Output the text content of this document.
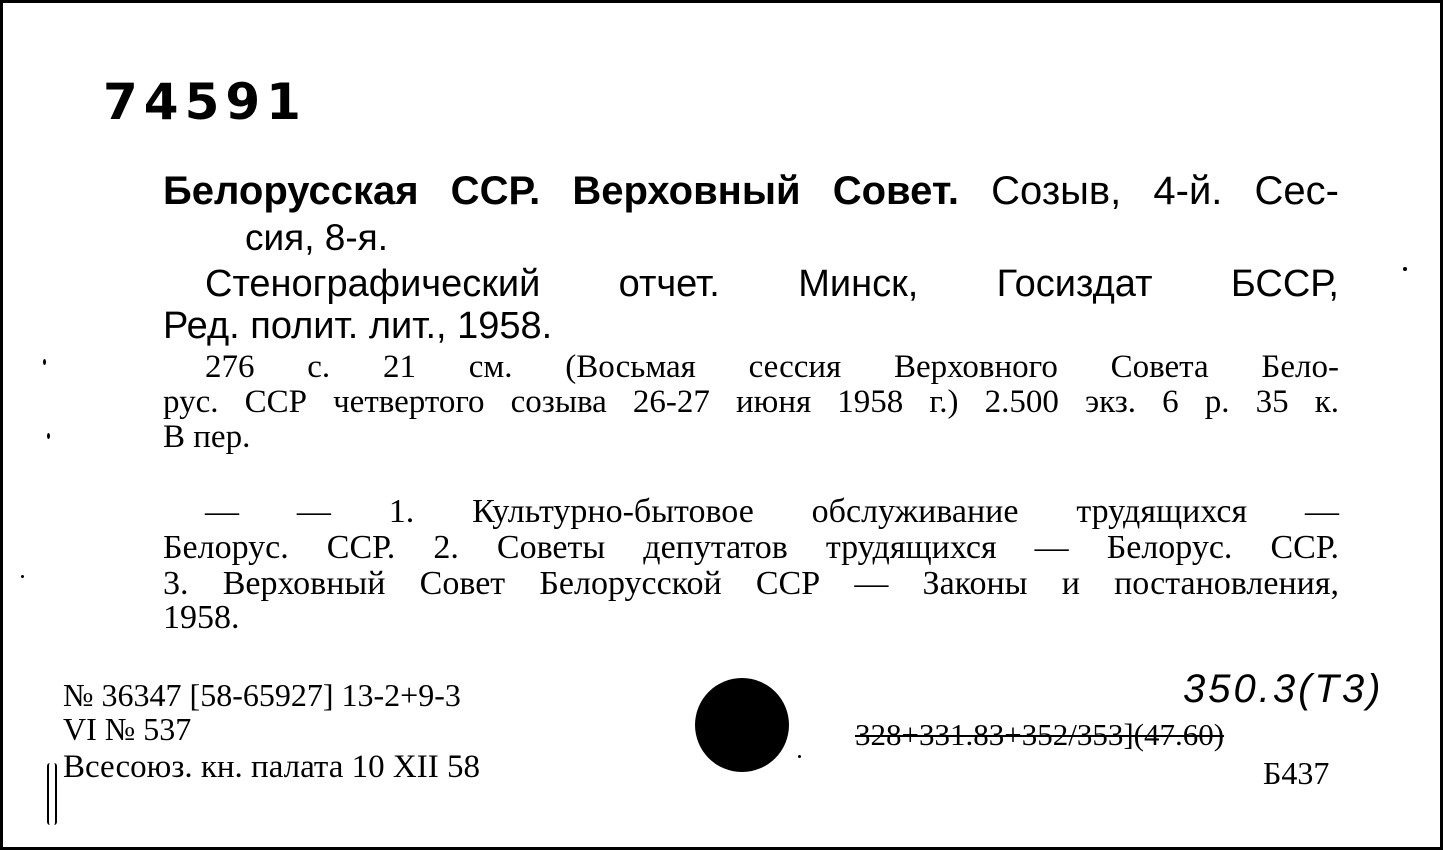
74591
Белорусская ССР. Верховный Совет. Созыв, 4-й. Сес-
сия, 8-я.
Стенографический отчет. Минск, Госиздат БССР,
Ред. полит. лит., 1958.
276 с. 21 см. (Восьмая сессия Верховного Совета Бело-
рус. ССР четвертого созыва 26-27 июня 1958 г.) 2.500 экз. 6 р. 35 к.
В пер.
— — 1. Культурно-бытовое обслуживание трудящихся —
Белорус. ССР. 2. Советы депутатов трудящихся — Белорус. ССР.
3. Верховный Совет Белорусской ССР — Законы и постановления,
1958.
№ 36347 [58-65927] 13-2+9-3
VI № 537
Всесоюз. кн. палата 10 XII 58
350.3(Т3)
328+331.83+352/353](47.60)
Б437
